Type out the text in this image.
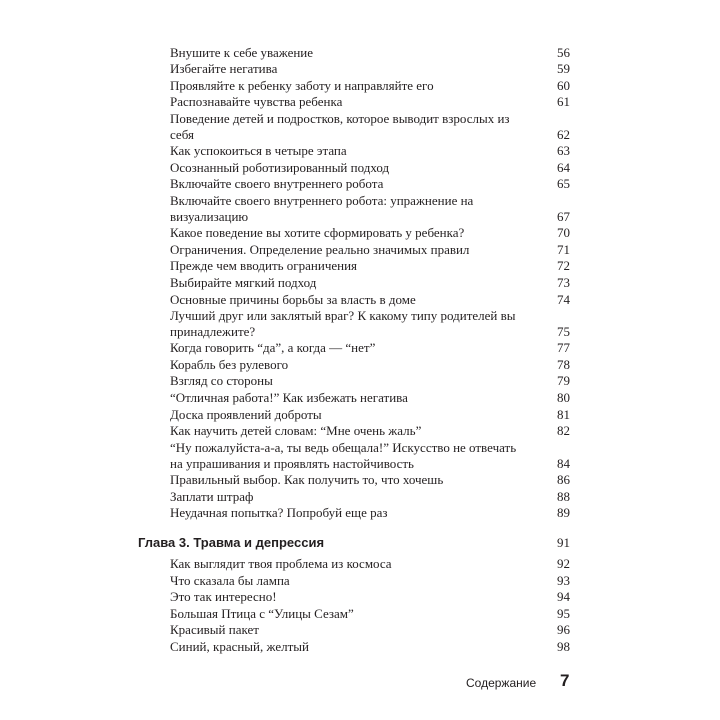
Внушите к себе уважение	56
Избегайте негатива	59
Проявляйте к ребенку заботу и направляйте его	60
Распознавайте чувства ребенка	61
Поведение детей и подростков, которое выводит взрослых из себя	62
Как успокоиться в четыре этапа	63
Осознанный роботизированный подход	64
Включайте своего внутреннего робота	65
Включайте своего внутреннего робота: упражнение на визуализацию	67
Какое поведение вы хотите сформировать у ребенка?	70
Ограничения. Определение реально значимых правил	71
Прежде чем вводить ограничения	72
Выбирайте мягкий подход	73
Основные причины борьбы за власть в доме	74
Лучший друг или заклятый враг? К какому типу родителей вы принадлежите?	75
Когда говорить “да”, а когда — “нет”	77
Корабль без рулевого	78
Взгляд со стороны	79
“Отличная работа!” Как избежать негатива	80
Доска проявлений доброты	81
Как научить детей словам: “Мне очень жаль”	82
“Ну пожалуйста-а-а, ты ведь обещала!” Искусство не отвечать на упрашивания и проявлять настойчивость	84
Правильный выбор. Как получить то, что хочешь	86
Заплати штраф	88
Неудачная попытка? Попробуй еще раз	89
Глава 3. Травма и депрессия	91
Как выглядит твоя проблема из космоса	92
Что сказала бы лампа	93
Это так интересно!	94
Большая Птица с “Улицы Сезам”	95
Красивый пакет	96
Синий, красный, желтый	98
Содержание 7
